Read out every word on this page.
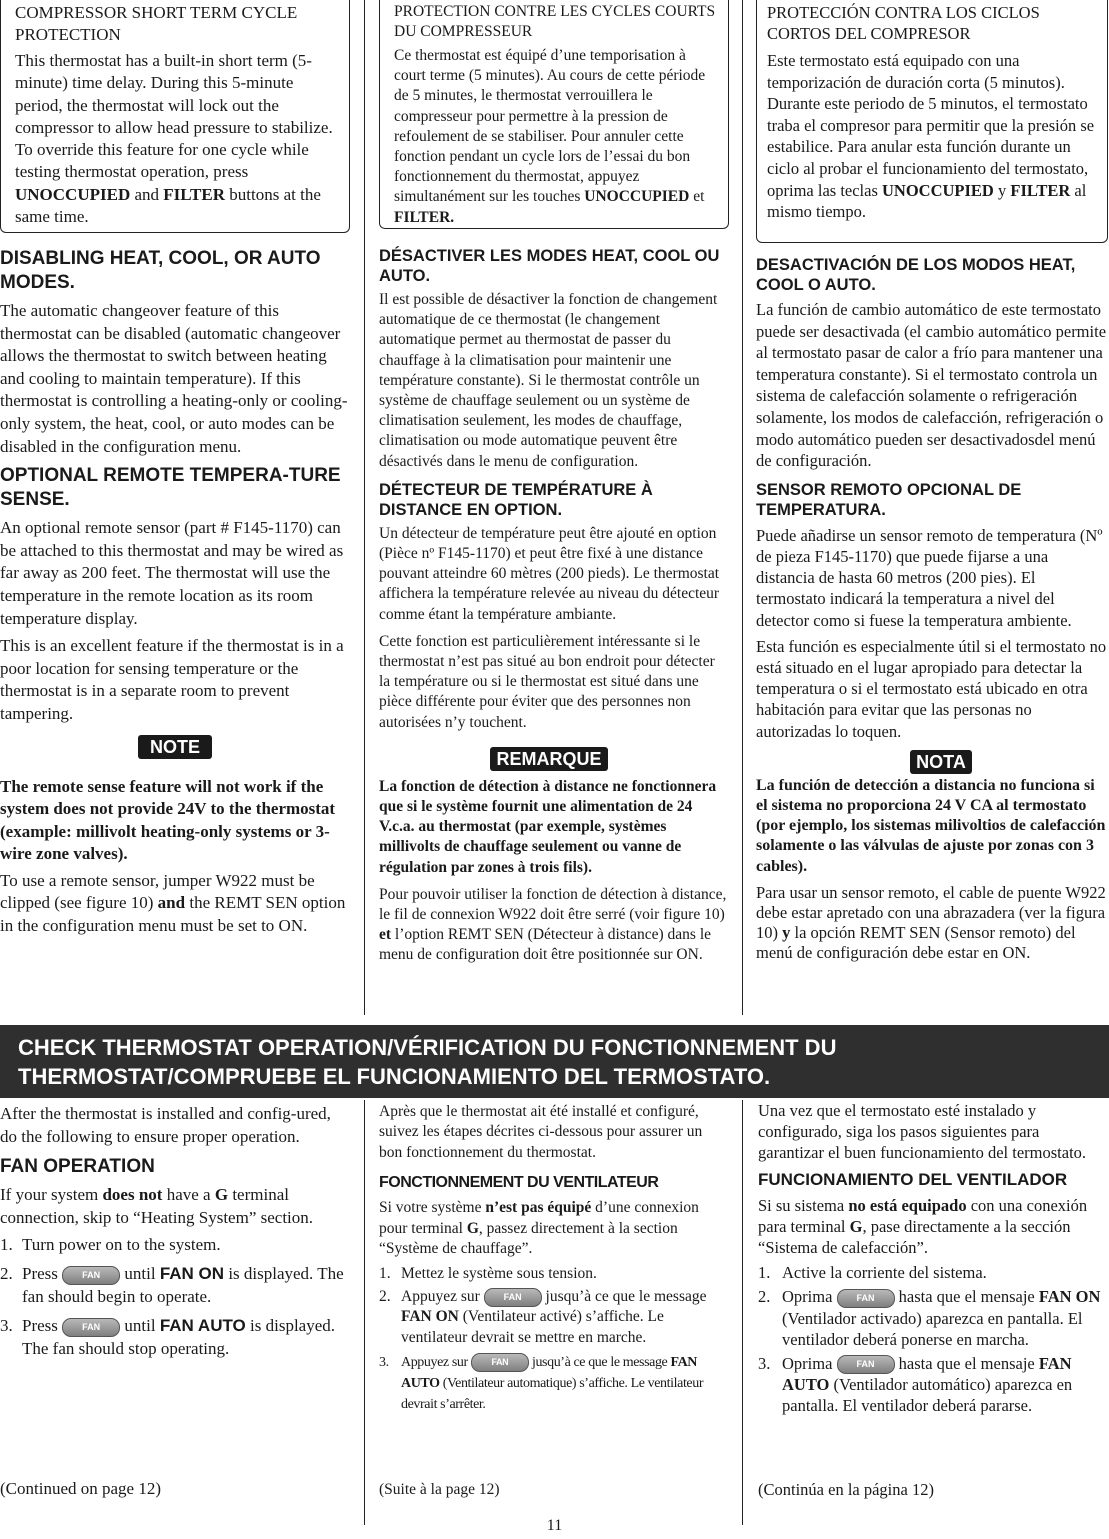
COMPRESSOR SHORT TERM CYCLE PROTECTION

This thermostat has a built-in short term (5-minute) time delay. During this 5-minute period, the thermostat will lock out the compressor to allow head pressure to stabilize. To override this feature for one cycle while testing thermostat operation, press UNOCCUPIED and FILTER buttons at the same time.

DISABLING HEAT, COOL, OR AUTO MODES.

The automatic changeover feature of this thermostat can be disabled (automatic changeover allows the thermostat to switch between heating and cooling to maintain temperature). If this thermostat is controlling a heating-only or cooling-only system, the heat, cool, or auto modes can be disabled in the configuration menu.

OPTIONAL REMOTE TEMPERA-TURE SENSE.

An optional remote sensor (part # F145-1170) can be attached to this thermostat and may be wired as far away as 200 feet. The thermostat will use the temperature in the remote location as its room temperature display.

This is an excellent feature if the thermostat is in a poor location for sensing temperature or the thermostat is in a separate room to prevent tampering.

NOTE

The remote sense feature will not work if the system does not provide 24V to the thermostat (example: millivolt heating-only systems or 3-wire zone valves).

To use a remote sensor, jumper W922 must be clipped (see figure 10) and the REMT SEN option in the configuration menu must be set to ON.

PROTECTION CONTRE LES CYCLES COURTS DU COMPRESSEUR

Ce thermostat est équipé d’une temporisation à court terme (5 minutes). Au cours de cette période de 5 minutes, le thermostat verrouillera le compresseur pour permettre à la pression de refoulement de se stabiliser. Pour annuler cette fonction pendant un cycle lors de l’essai du bon fonctionnement du thermostat, appuyez simultanément sur les touches UNOCCUPIED et FILTER.

DÉSACTIVER LES MODES HEAT, COOL OU AUTO.

Il est possible de désactiver la fonction de changement automatique de ce thermostat (le changement automatique permet au thermostat de passer du chauffage à la climatisation pour maintenir une température constante). Si le thermostat contrôle un système de chauffage seulement ou un système de climatisation seulement, les modes de chauffage, climatisation ou mode automatique peuvent être désactivés dans le menu de configuration.

DÉTECTEUR DE TEMPÉRATURE À DISTANCE EN OPTION.

Un détecteur de température peut être ajouté en option (Pièce nº F145-1170) et peut être fixé à une distance pouvant atteindre 60 mètres (200 pieds). Le thermostat affichera la température relevée au niveau du détecteur comme étant la température ambiante.

Cette fonction est particulièrement intéressante si le thermostat n’est pas situé au bon endroit pour détecter la température ou si le thermostat est situé dans une pièce différente pour éviter que des personnes non autorisées n’y touchent.

REMARQUE

La fonction de détection à distance ne fonctionnera que si le système fournit une alimentation de 24 V.c.a. au thermostat (par exemple, systèmes millivolts de chauffage seulement ou vanne de régulation par zones à trois fils).

Pour pouvoir utiliser la fonction de détection à distance, le fil de connexion W922 doit être serré (voir figure 10) et l’option REMT SEN (Détecteur à distance) dans le menu de configuration doit être positionnée sur ON.

PROTECCIÓN CONTRA LOS CICLOS CORTOS DEL COMPRESOR

Este termostato está equipado con una temporización de duración corta (5 minutos). Durante este periodo de 5 minutos, el termostato traba el compresor para permitir que la presión se estabilice. Para anular esta función durante un ciclo al probar el funcionamiento del termostato, oprima las teclas UNOCCUPIED y FILTER al mismo tiempo.

DESACTIVACIÓN DE LOS MODOS HEAT, COOL O AUTO.

La función de cambio automático de este termostato puede ser desactivada (el cambio automático permite al termostato pasar de calor a frío para mantener una temperatura constante). Si el termostato controla un sistema de calefacción solamente o refrigeración solamente, los modos de calefacción, refrigeración o modo automático pueden ser desactivadosdel menú de configuración.

SENSOR REMOTO OPCIONAL DE TEMPERATURA.

Puede añadirse un sensor remoto de temperatura (Nº de pieza F145-1170) que puede fijarse a una distancia de hasta 60 metros (200 pies). El termostato indicará la temperatura a nivel del detector como si fuese la temperatura ambiente.

Esta función es especialmente útil si el termostato no está situado en el lugar apropiado para detectar la temperatura o si el termostato está ubicado en otra habitación para evitar que las personas no autorizadas lo toquen.

NOTA

La función de detección a distancia no funciona si el sistema no proporciona 24 V CA al termostato (por ejemplo, los sistemas milivoltios de calefacción solamente o las válvulas de ajuste por zonas con 3 cables).

Para usar un sensor remoto, el cable de puente W922 debe estar apretado con una abrazadera (ver la figura 10) y la opción REMT SEN (Sensor remoto) del menú de configuración debe estar en ON.

CHECK THERMOSTAT OPERATION/VÉRIFICATION DU FONCTIONNEMENT DU
THERMOSTAT/COMPRUEBE EL FUNCIONAMIENTO DEL TERMOSTATO.

After the thermostat is installed and config-ured, do the following to ensure proper operation.

FAN OPERATION

If your system does not have a G terminal connection, skip to “Heating System” section.

1. Turn power on to the system.
2. Press	FAN until FAN ON is displayed. The fan should begin to operate.
3. Press	FAN until FAN AUTO is displayed. The fan should stop operating.

(Continued on page 12)

Après que le thermostat ait été installé et configuré, suivez les étapes décrites ci-dessous pour assurer un bon fonctionnement du thermostat.

FONCTIONNEMENT DU VENTILATEUR

Si votre système n’est pas équipé d’une connexion pour terminal G, passez directement à la section “Système de chauffage”.

1. Mettez le système sous tension.
2. Appuyez sur	FAN jusqu’à ce que le message FAN ON (Ventilateur activé) s’affiche. Le ventilateur devrait se mettre en marche.
3. Appuyez sur	FAN jusqu’à ce que le message FAN AUTO (Ventilateur automatique) s’affiche. Le ventilateur devrait s’arrêter.

(Suite à la page 12)

Una vez que el termostato esté instalado y configurado, siga los pasos siguientes para garantizar el buen funcionamiento del termostato.

FUNCIONAMIENTO DEL VENTILADOR

Si su sistema no está equipado con una conexión para terminal G, pase directamente a la sección “Sistema de calefacción”.

1. Active la corriente del sistema.
2. Oprima	FAN hasta que el mensaje FAN ON (Ventilador activado) aparezca en pantalla. El ventilador deberá ponerse en marcha.
3. Oprima	FAN hasta que el mensaje FAN AUTO (Ventilador automático) aparezca en pantalla. El ventilador deberá pararse.

(Continúa en la página 12)

11
